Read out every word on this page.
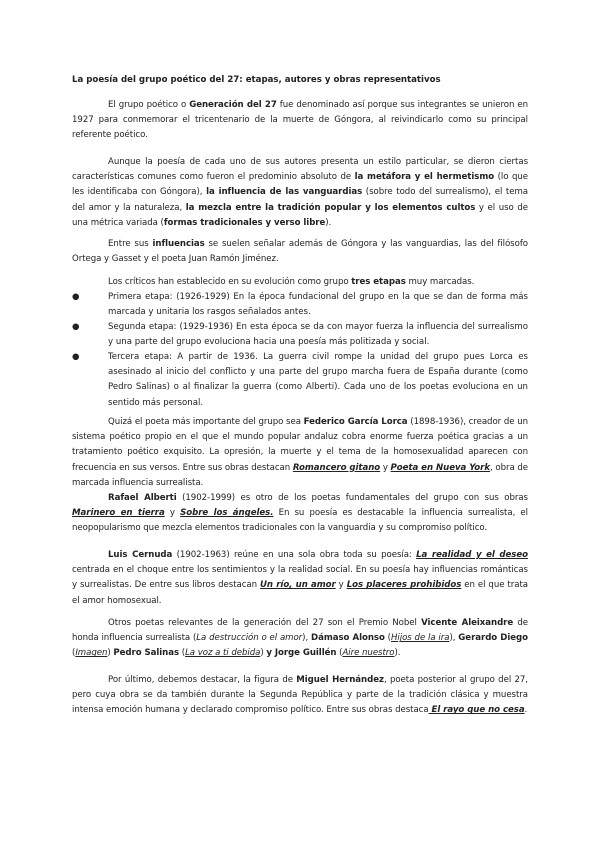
La poesía del grupo poético del 27: etapas, autores y obras representativos
El grupo poético o Generación del 27 fue denominado así porque sus integrantes se unieron en 1927 para conmemorar el tricentenario de la muerte de Góngora, al reivindicarlo como su principal referente poético.
Aunque la poesía de cada uno de sus autores presenta un estilo particular, se dieron ciertas características comunes como fueron el predominio absoluto de la metáfora y el hermetismo (lo que les identificaba con Góngora), la influencia de las vanguardias (sobre todo del surrealismo), el tema del amor y la naturaleza, la mezcla entre la tradición popular y los elementos cultos y el uso de una métrica variada (formas tradicionales y verso libre).
Entre sus influencias se suelen señalar además de Góngora y las vanguardias, las del filósofo Ortega y Gasset y el poeta Juan Ramón Jiménez.
Los críticos han establecido en su evolución como grupo tres etapas muy marcadas.
●	Primera etapa: (1926-1929) En la época fundacional del grupo en la que se dan de forma más marcada y unitaria los rasgos señalados antes.
●	Segunda etapa: (1929-1936) En esta época se da con mayor fuerza la influencia del surrealismo y una parte del grupo evoluciona hacia una poesía más politizada y social.
●	Tercera etapa: A partir de 1936. La guerra civil rompe la unidad del grupo pues Lorca es asesinado al inicio del conflicto y una parte del grupo marcha fuera de España durante (como Pedro Salinas) o al finalizar la guerra (como Alberti). Cada uno de los poetas evoluciona en un sentido más personal.
Quizá el poeta más importante del grupo sea Federico García Lorca (1898-1936), creador de un sistema poético propio en el que el mundo popular andaluz cobra enorme fuerza poética gracias a un tratamiento poético exquisito. La opresión, la muerte y el tema de la homosexualidad aparecen con frecuencia en sus versos. Entre sus obras destacan Romancero gitano y Poeta en Nueva York, obra de marcada influencia surrealista.
Rafael Alberti (1902-1999) es otro de los poetas fundamentales del grupo con sus obras Marinero en tierra y Sobre los ángeles. En su poesía es destacable la influencia surrealista, el neopopularismo que mezcla elementos tradicionales con la vanguardia y su compromiso político.
Luis Cernuda (1902-1963) reúne en una sola obra toda su poesía: La realidad y el deseo centrada en el choque entre los sentimientos y la realidad social. En su poesía hay influencias románticas y surrealistas. De entre sus libros destacan Un río, un amor y Los placeres prohibidos en el que trata el amor homosexual.
Otros poetas relevantes de la generación del 27 son el Premio Nobel Vicente Aleixandre de honda influencia surrealista (La destrucción o el amor), Dámaso Alonso (Hijos de la ira), Gerardo Diego (Imagen) Pedro Salinas (La voz a ti debida) y Jorge Guillén (Aire nuestro).
Por último, debemos destacar, la figura de Miguel Hernández, poeta posterior al grupo del 27, pero cuya obra se da también durante la Segunda República y parte de la tradición clásica y muestra intensa emoción humana y declarado compromiso político. Entre sus obras destaca El rayo que no cesa.
